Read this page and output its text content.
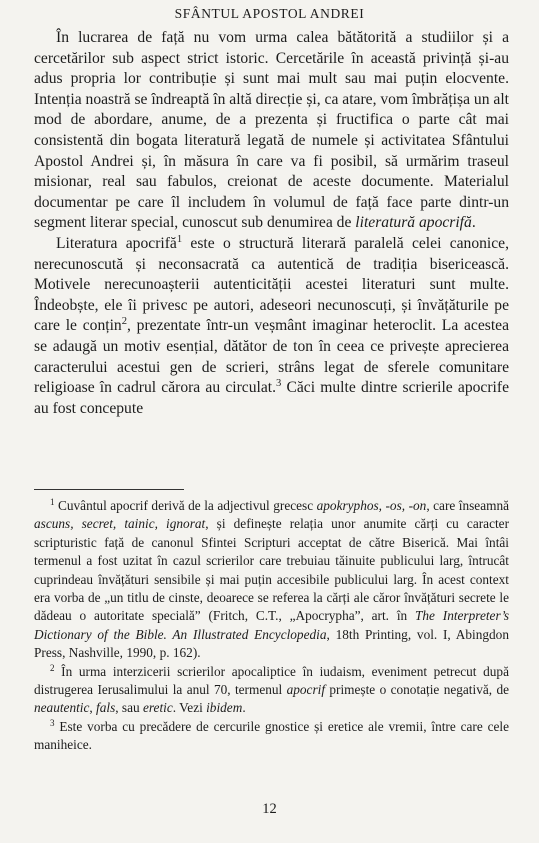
SFÂNTUL APOSTOL ANDREI

În lucrarea de față nu vom urma calea bătătorită a studiilor și a cercetărilor sub aspect strict istoric. Cercetările în această privință și-au adus propria lor contribuție și sunt mai mult sau mai puțin elocvente. Intenția noastră se îndreaptă în altă direcție și, ca atare, vom îmbrățișa un alt mod de abordare, anume, de a prezenta și fructifica o parte cât mai consistentă din bogata literatură legată de numele și activitatea Sfântului Apostol Andrei și, în măsura în care va fi posibil, să urmărim traseul misionar, real sau fabulos, creionat de aceste documente. Materialul documentar pe care îl includem în volumul de față face parte dintr-un segment literar special, cunoscut sub denumirea de literatură apocrifă.

Literatura apocrifă$^1$ este o structură literară paralelă celei canonice, nerecunoscută și neconsacrată ca autentică de tradiția bisericească. Motivele nerecunoașterii autenticității acestei literaturi sunt multe. Îndeobște, ele îi privesc pe autori, adeseori necunoscuți, și învățăturile pe care le conțin$^2$, prezentate într-un veșmânt imaginar heteroclit. La acestea se adaugă un motiv esențial, dătător de ton în ceea ce privește aprecierea caracterului acestui gen de scrieri, strâns legat de sferele comunitare religioase în cadrul cărora au circulat.$^3$ Căci multe dintre scrierile apocrife au fost concepute

$^1$ Cuvântul apocrif derivă de la adjectivul grecesc apokryphos, -os, -on, care înseamnă ascuns, secret, tainic, ignorat, și definește relația unor anumite cărți cu caracter scripturistic față de canonul Sfintei Scripturi acceptat de către Biserică. Mai întâi termenul a fost uzitat în cazul scrierilor care trebuiau tăinuite publicului larg, întrucât cuprindeau învățături sensibile și mai puțin accesibile publicului larg. În acest context era vorba de „un titlu de cinste, deoarece se referea la cărți ale căror învățături secrete le dădeau o autoritate specială” (Fritch, C.T., „Apocrypha”, art. în The Interpreter’s Dictionary of the Bible. An Illustrated Encyclopedia, 18th Printing, vol. I, Abingdon Press, Nashville, 1990, p. 162).

$^2$ În urma interzicerii scrierilor apocaliptice în iudaism, eveniment petrecut după distrugerea Ierusalimului la anul 70, termenul apocrif primește o conotație negativă, de neautentic, fals, sau eretic. Vezi ibidem.

$^3$ Este vorba cu precădere de cercurile gnostice și eretice ale vremii, între care cele maniheice.

12
